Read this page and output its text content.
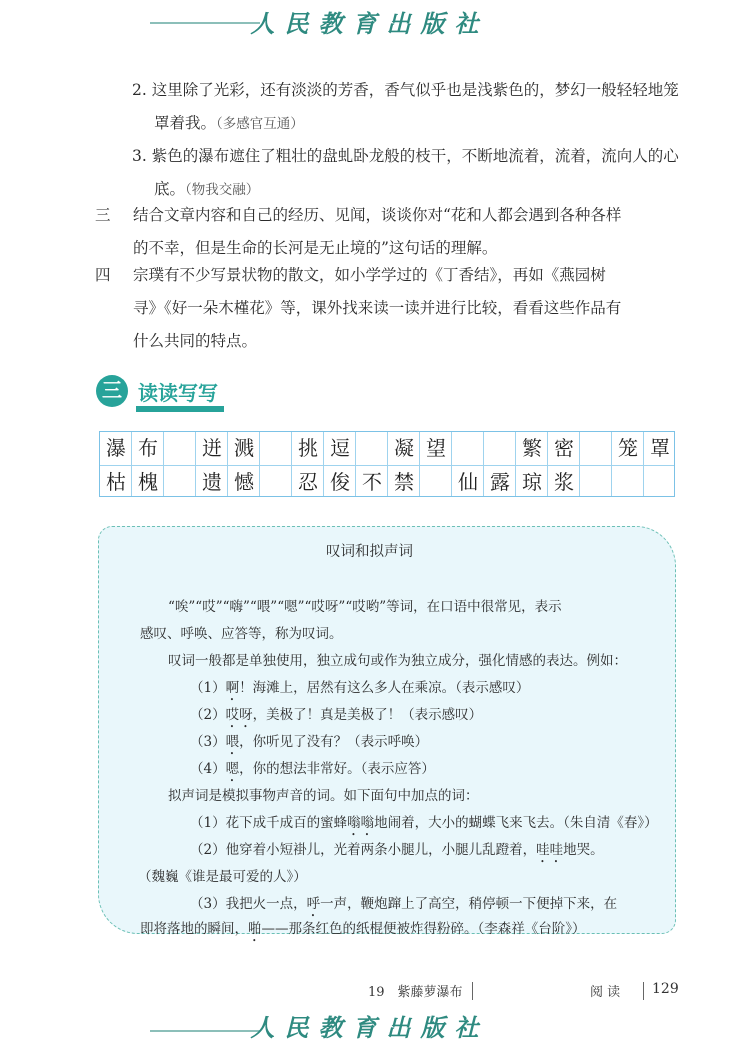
人民教育出版社
2. 这里除了光彩，还有淡淡的芳香，香气似乎也是浅紫色的，梦幻一般轻轻地笼罩着我。（多感官互通）
3. 紫色的瀑布遮住了粗壮的盘虬卧龙般的枝干，不断地流着，流着，流向人的心底。（物我交融）
三 结合文章内容和自己的经历、见闻，谈谈你对“花和人都会遇到各种各样
的不幸，但是生命的长河是无止境的”这句话的理解。
四 宗璞有不少写景状物的散文，如小学学过的《丁香结》，再如《燕园树
寻》《好一朵木槿花》等，课外找来读一读并进行比较，看看这些作品有
什么共同的特点。
三 读读写写
瀑 布	迸 溅	挑 逗	凝 望	繁 密	笼 罩
枯 槐	遗 憾	忍 俊 不 禁	仙 露 琼 浆
叹词和拟声词
“唉”“哎”“嗨”“喂”“嗯”“哎呀”“哎哟”等词，在口语中很常见，表示
感叹、呼唤、应答等，称为叹词。
叹词一般都是单独使用，独立成句或作为独立成分，强化情感的表达。例如：
（1）啊！海滩上，居然有这么多人在乘凉。（表示感叹）
（2）哎呀，美极了！真是美极了！（表示感叹）
（3）喂，你听见了没有？（表示呼唤）
（4）嗯，你的想法非常好。（表示应答）
拟声词是模拟事物声音的词。如下面句中加点的词：
（1）花下成千成百的蜜蜂嗡嗡地闹着，大小的蝴蝶飞来飞去。（朱自清《春》）
（2）他穿着小短褂儿，光着两条小腿儿，小腿儿乱蹬着，哇哇地哭。
（魏巍《谁是最可爱的人》）
（3）我把火一点，呼一声，鞭炮蹿上了高空，稍停顿一下便掉下来，在
即将落地的瞬间，啪——那条红色的纸棍便被炸得粉碎。（李森祥《台阶》）
19　紫藤萝瀑布	阅 读 129
人民教育出版社
